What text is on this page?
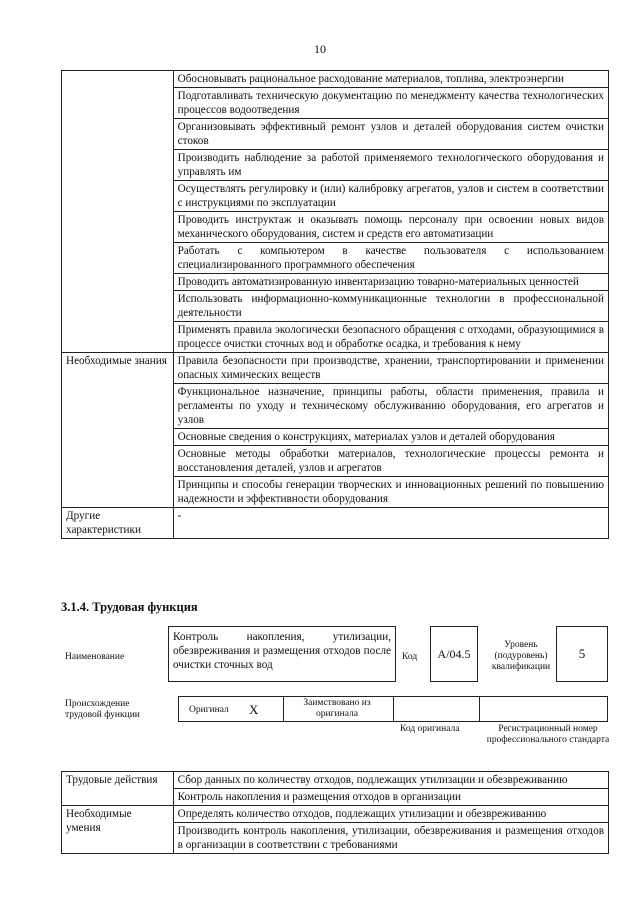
10
	Обосновывать рациональное расходование материалов, топлива, электроэнергии
	Подготавливать техническую документацию по менеджменту качества технологических процессов водоотведения
	Организовывать эффективный ремонт узлов и деталей оборудования систем очистки стоков
	Производить наблюдение за работой применяемого технологического оборудования и управлять им
	Осуществлять регулировку и (или) калибровку агрегатов, узлов и систем в соответствии с инструкциями по эксплуатации
	Проводить инструктаж и оказывать помощь персоналу при освоении новых видов механического оборудования, систем и средств его автоматизации
	Работать с компьютером в качестве пользователя с использованием специализированного программного обеспечения
	Проводить автоматизированную инвентаризацию товарно-материальных ценностей
	Использовать информационно-коммуникационные технологии в профессиональной деятельности
	Применять правила экологически безопасного обращения с отходами, образующимися в процессе очистки сточных вод и обработке осадка, и требования к нему
Необходимые знания	Правила безопасности при производстве, хранении, транспортировании и применении опасных химических веществ
	Функциональное назначение, принципы работы, области применения, правила и регламенты по уходу и техническому обслуживанию оборудования, его агрегатов и узлов
	Основные сведения о конструкциях, материалах узлов и деталей оборудования
	Основные методы обработки материалов, технологические процессы ремонта и восстановления деталей, узлов и агрегатов
	Принципы и способы генерации творческих и инновационных решений по повышению надежности и эффективности оборудования
Другие характеристики	-
3.1.4. Трудовая функция
Наименование
Контроль накопления, утилизации, обезвреживания и размещения отходов после очистки сточных вод
Код	A/04.5
Уровень (подуровень) квалификации
5
Происхождение трудовой функции	Оригинал X	Заимствовано из оригинала
Код оригинала	Регистрационный номер профессионального стандарта
Трудовые действия	Сбор данных по количеству отходов, подлежащих утилизации и обезвреживанию
	Контроль накопления и размещения отходов в организации
Необходимые умения	Определять количество отходов, подлежащих утилизации и обезвреживанию
	Производить контроль накопления, утилизации, обезвреживания и размещения отходов в организации в соответствии с требованиями
